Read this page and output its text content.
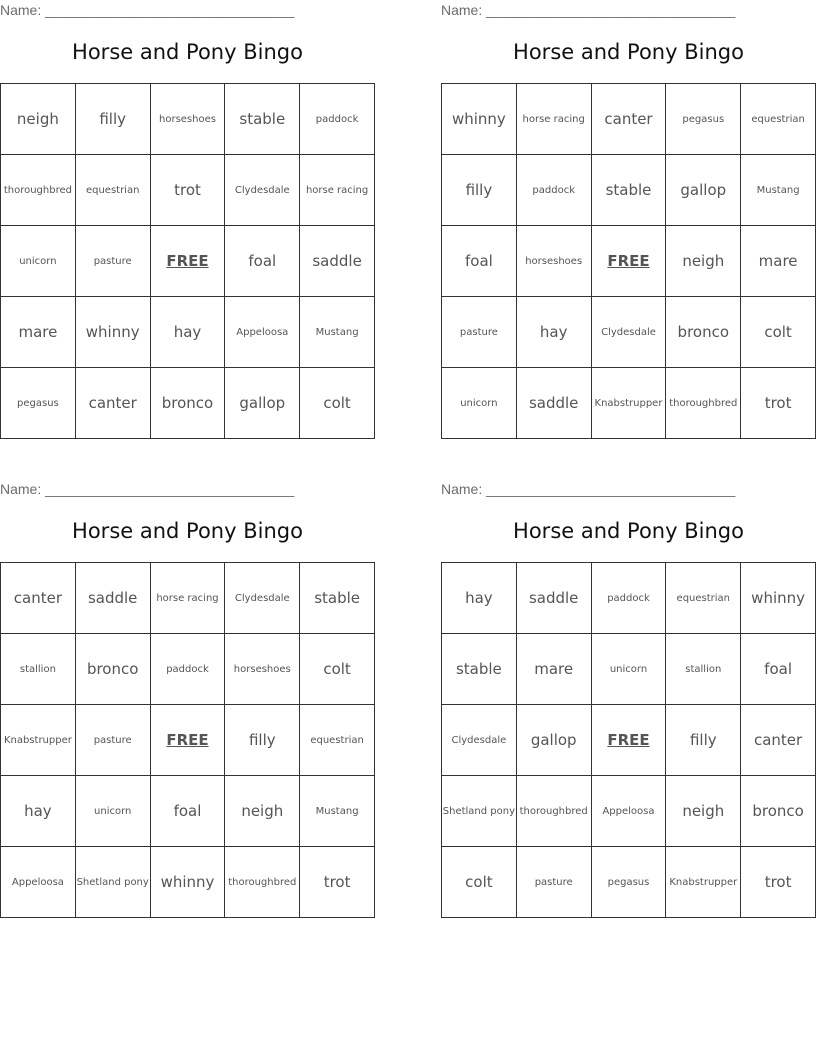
Name: ________________________________
Horse and Pony Bingo
neigh	filly	horseshoes	stable	paddock
thoroughbred	equestrian	trot	Clydesdale	horse racing
unicorn	pasture	FREE	foal	saddle
mare	whinny	hay	Appeloosa	Mustang
pegasus	canter	bronco	gallop	colt
Name: ________________________________
Horse and Pony Bingo
whinny	horse racing	canter	pegasus	equestrian
filly	paddock	stable	gallop	Mustang
foal	horseshoes	FREE	neigh	mare
pasture	hay	Clydesdale	bronco	colt
unicorn	saddle	Knabstrupper	thoroughbred	trot
Name: ________________________________
Horse and Pony Bingo
canter	saddle	horse racing	Clydesdale	stable
stallion	bronco	paddock	horseshoes	colt
Knabstrupper	pasture	FREE	filly	equestrian
hay	unicorn	foal	neigh	Mustang
Appeloosa	Shetland pony	whinny	thoroughbred	trot
Name: ________________________________
Horse and Pony Bingo
hay	saddle	paddock	equestrian	whinny
stable	mare	unicorn	stallion	foal
Clydesdale	gallop	FREE	filly	canter
Shetland pony	thoroughbred	Appeloosa	neigh	bronco
colt	pasture	pegasus	Knabstrupper	trot
